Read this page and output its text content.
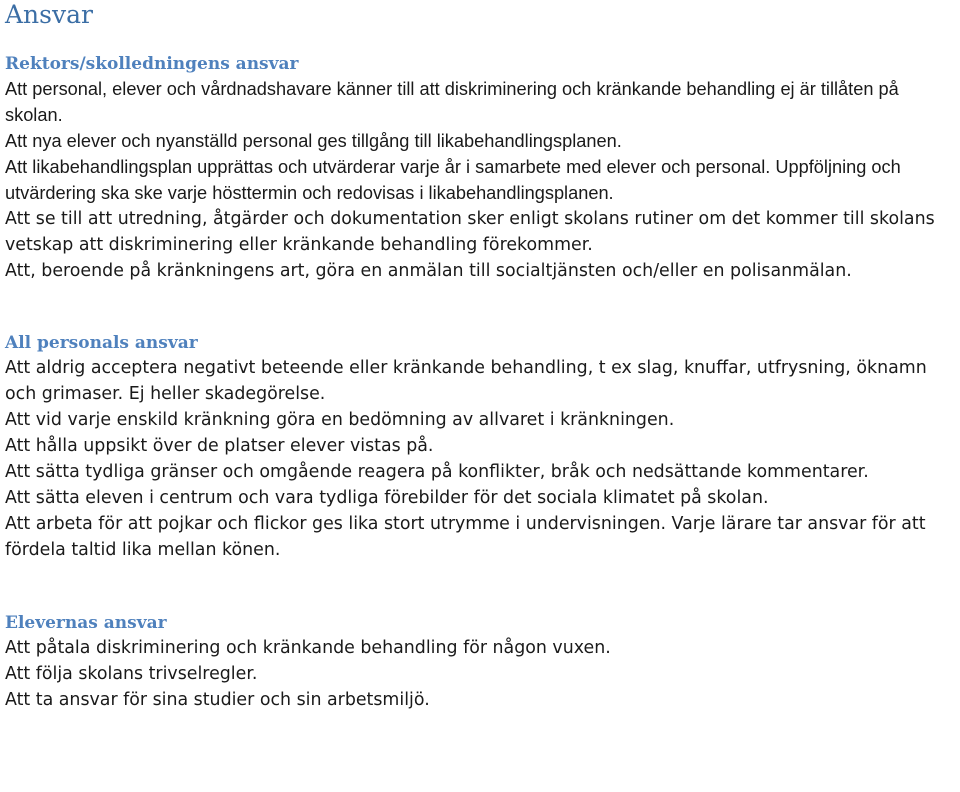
Ansvar
Rektors/skolledningens ansvar

Att personal, elever och vårdnadshavare känner till att diskriminering och kränkande behandling ej är tillåten på skolan.

Att nya elever och nyanställd personal ges tillgång till likabehandlingsplanen.

Att likabehandlingsplan upprättas och utvärderar varje år i samarbete med elever och personal. Uppföljning och utvärdering ska ske varje hösttermin och redovisas i likabehandlingsplanen.

Att se till att utredning, åtgärder och dokumentation sker enligt skolans rutiner om det kommer till skolans vetskap att diskriminering eller kränkande behandling förekommer.

Att, beroende på kränkningens art, göra en anmälan till socialtjänsten och/eller en polisanmälan.

All personals ansvar

Att aldrig acceptera negativt beteende eller kränkande behandling, t ex slag, knuffar, utfrysning, öknamn och grimaser. Ej heller skadegörelse.

Att vid varje enskild kränkning göra en bedömning av allvaret i kränkningen.

Att hålla uppsikt över de platser elever vistas på.

Att sätta tydliga gränser och omgående reagera på konflikter, bråk och nedsättande kommentarer.

Att sätta eleven i centrum och vara tydliga förebilder för det sociala klimatet på skolan.

Att arbeta för att pojkar och flickor ges lika stort utrymme i undervisningen. Varje lärare tar ansvar för att fördela taltid lika mellan könen.

Elevernas ansvar

Att påtala diskriminering och kränkande behandling för någon vuxen.

Att följa skolans trivselregler.

Att ta ansvar för sina studier och sin arbetsmiljö.
